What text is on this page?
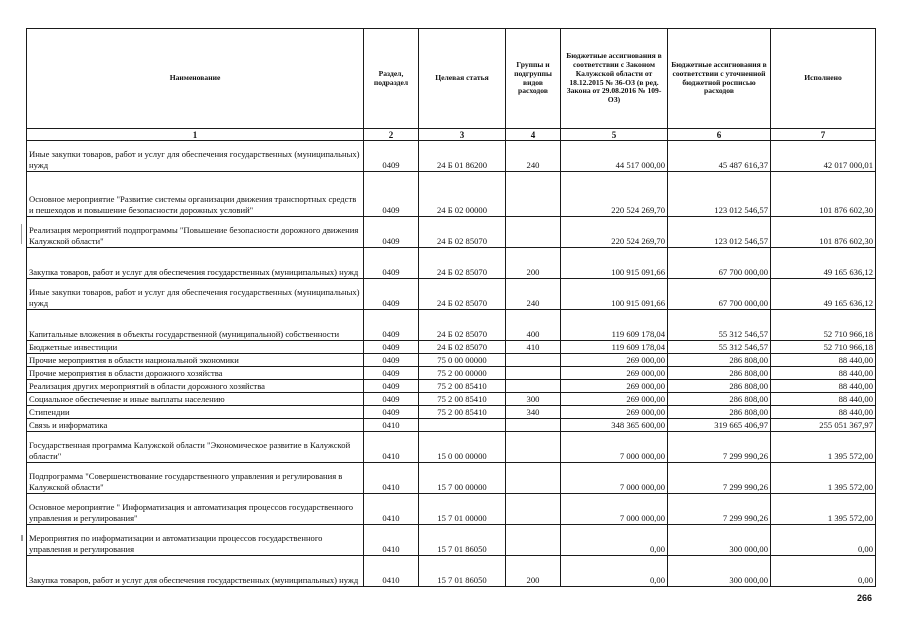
Наименование	Раздел, подраздел	Целевая статья	Группы и подгруппы видов расходов	Бюджетные ассигнования в соответствии с Законом Калужской области от 18.12.2015 № 36-ОЗ (в ред. Закона от 29.08.2016 № 109-ОЗ)	Бюджетные ассигнования в соответствии с уточненной бюджетной росписью расходов	Исполнено
1	2	3	4	5	6	7
Иные закупки товаров, работ и услуг для обеспечения государственных (муниципальных) нужд	0409	24 Б 01 86200	240	44 517 000,00	45 487 616,37	42 017 000,01
Основное мероприятие "Развитие системы организации движения транспортных средств и пешеходов и повышение безопасности дорожных условий"	0409	24 Б 02 00000		220 524 269,70	123 012 546,57	101 876 602,30
Реализация мероприятий подпрограммы "Повышение безопасности дорожного движения Калужской области"	0409	24 Б 02 85070		220 524 269,70	123 012 546,57	101 876 602,30
Закупка товаров, работ и услуг для обеспечения государственных (муниципальных) нужд	0409	24 Б 02 85070	200	100 915 091,66	67 700 000,00	49 165 636,12
Иные закупки товаров, работ и услуг для обеспечения государственных (муниципальных) нужд	0409	24 Б 02 85070	240	100 915 091,66	67 700 000,00	49 165 636,12
Капитальные вложения в объекты государственной (муниципальной) собственности	0409	24 Б 02 85070	400	119 609 178,04	55 312 546,57	52 710 966,18
Бюджетные инвестиции	0409	24 Б 02 85070	410	119 609 178,04	55 312 546,57	52 710 966,18
Прочие мероприятия в области национальной экономики	0409	75 0 00 00000		269 000,00	286 808,00	88 440,00
Прочие мероприятия в области дорожного хозяйства	0409	75 2 00 00000		269 000,00	286 808,00	88 440,00
Реализация других мероприятий в области дорожного хозяйства	0409	75 2 00 85410		269 000,00	286 808,00	88 440,00
Социальное обеспечение и иные выплаты населению	0409	75 2 00 85410	300	269 000,00	286 808,00	88 440,00
Стипендии	0409	75 2 00 85410	340	269 000,00	286 808,00	88 440,00
Связь и информатика	0410			348 365 600,00	319 665 406,97	255 051 367,97
Государственная программа Калужской области "Экономическое развитие в Калужской области"	0410	15 0 00 00000		7 000 000,00	7 299 990,26	1 395 572,00
Подпрограмма "Совершенствование государственного управления и регулирования в Калужской области"	0410	15 7 00 00000		7 000 000,00	7 299 990,26	1 395 572,00
Основное мероприятие " Информатизация и автоматизация процессов государственного управления и регулирования"	0410	15 7 01 00000		7 000 000,00	7 299 990,26	1 395 572,00
Мероприятия по информатизации и автоматизации процессов государственного управления и регулирования	0410	15 7 01 86050		0,00	300 000,00	0,00
Закупка товаров, работ и услуг для обеспечения государственных (муниципальных) нужд	0410	15 7 01 86050	200	0,00	300 000,00	0,00
266
